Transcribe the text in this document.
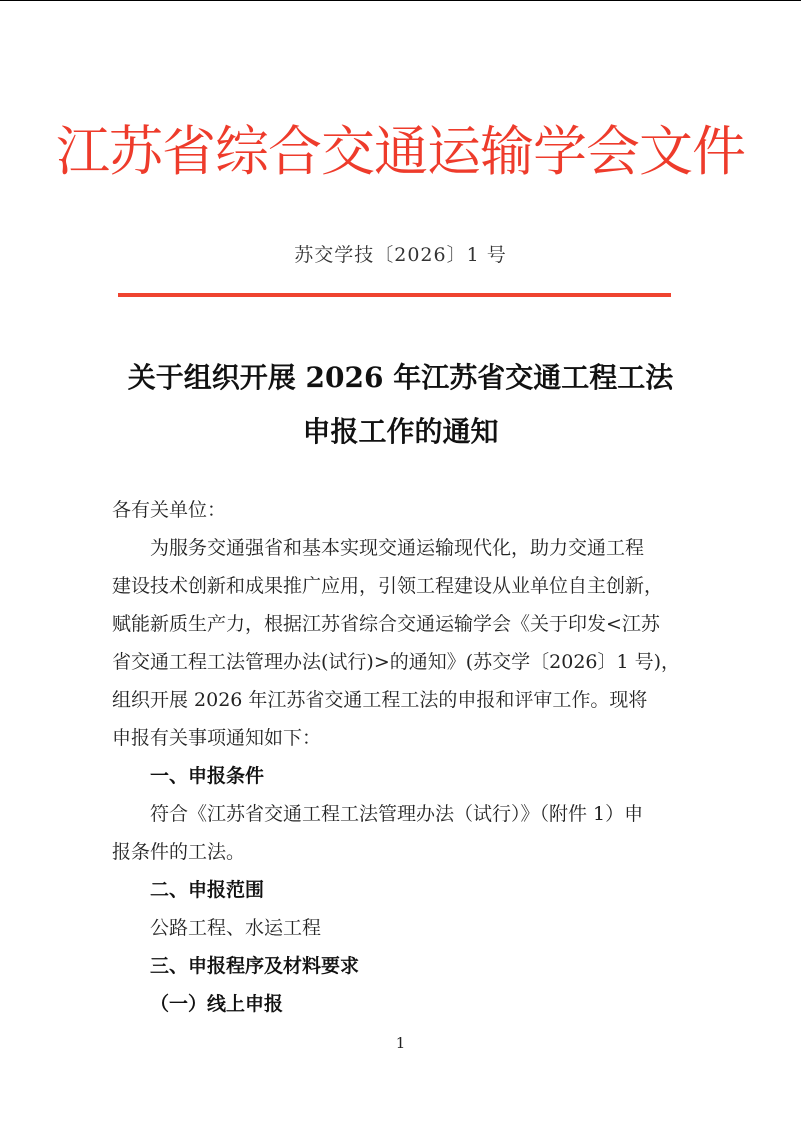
江苏省综合交通运输学会文件
苏交学技〔2026〕1 号
关于组织开展 2026 年江苏省交通工程工法
申报工作的通知
各有关单位：
　　为服务交通强省和基本实现交通运输现代化，助力交通工程
建设技术创新和成果推广应用，引领工程建设从业单位自主创新，
赋能新质生产力，根据江苏省综合交通运输学会《关于印发<江苏
省交通工程工法管理办法(试行)>的通知》(苏交学〔2026〕1 号)，
组织开展 2026 年江苏省交通工程工法的申报和评审工作。现将
申报有关事项通知如下：
一、申报条件
　　符合《江苏省交通工程工法管理办法（试行）》（附件 1）申
报条件的工法。
二、申报范围
　　公路工程、水运工程
三、申报程序及材料要求
（一）线上申报
1
